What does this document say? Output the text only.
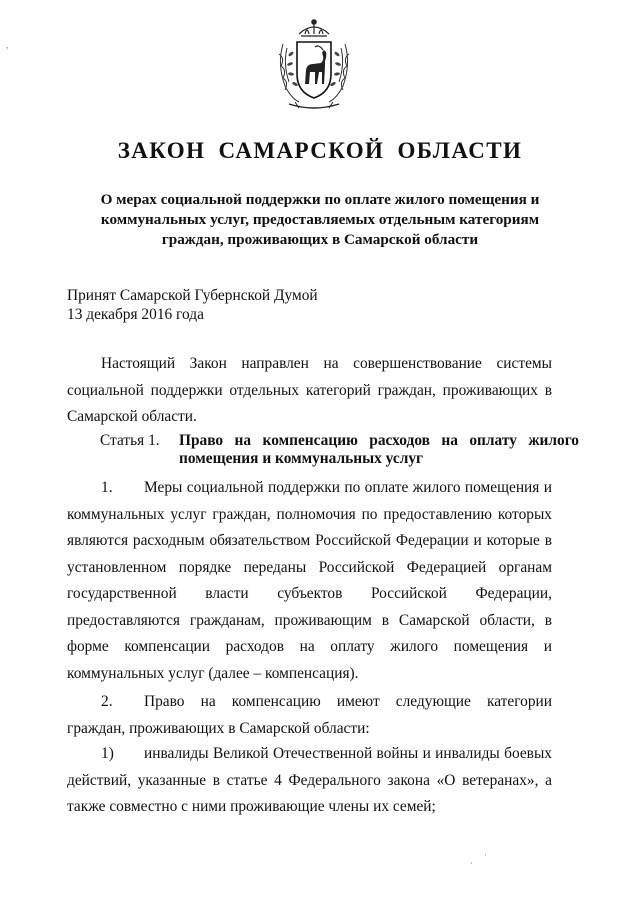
ЗАКОН САМАРСКОЙ ОБЛАСТИ
О мерах социальной поддержки по оплате жилого помещения и
коммунальных услуг, предоставляемых отдельным категориям
граждан, проживающих в Самарской области
Принят Самарской Губернской Думой
13 декабря 2016 года
Настоящий Закон направлен на совершенствование системы социальной поддержки отдельных категорий граждан, проживающих в Самарской области.
Статья 1. Право на компенсацию расходов на оплату жилого помещения и коммунальных услуг
1. Меры социальной поддержки по оплате жилого помещения и коммунальных услуг граждан, полномочия по предоставлению которых являются расходным обязательством Российской Федерации и которые в установленном порядке переданы Российской Федерацией органам государственной власти субъектов Российской Федерации, предоставляются гражданам, проживающим в Самарской области, в форме компенсации расходов на оплату жилого помещения и коммунальных услуг (далее – компенсация).
2. Право на компенсацию имеют следующие категории граждан, проживающих в Самарской области:
1) инвалиды Великой Отечественной войны и инвалиды боевых действий, указанные в статье 4 Федерального закона «О ветеранах», а также совместно с ними проживающие члены их семей;
,
·
·
